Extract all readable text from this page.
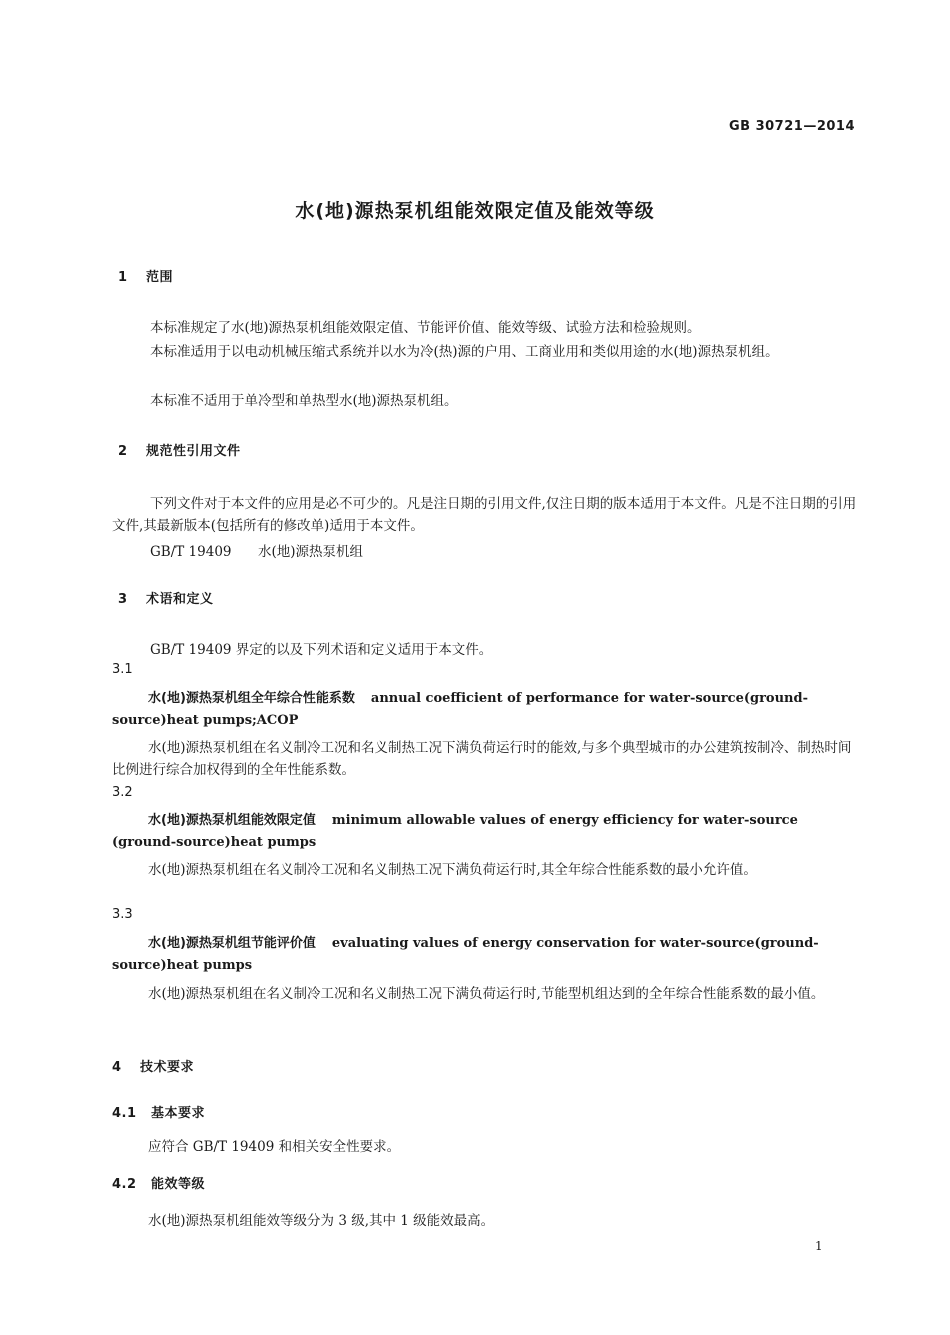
GB 30721—2014
水(地)源热泵机组能效限定值及能效等级
1 范围
本标准规定了水(地)源热泵机组能效限定值、节能评价值、能效等级、试验方法和检验规则。
本标准适用于以电动机械压缩式系统并以水为冷(热)源的户用、工商业用和类似用途的水(地)源热泵机组。
本标准不适用于单冷型和单热型水(地)源热泵机组。
2 规范性引用文件
下列文件对于本文件的应用是必不可少的。凡是注日期的引用文件,仅注日期的版本适用于本文件。凡是不注日期的引用文件,其最新版本(包括所有的修改单)适用于本文件。
GB/T 19409 水(地)源热泵机组
3 术语和定义
GB/T 19409 界定的以及下列术语和定义适用于本文件。
3.1
水(地)源热泵机组全年综合性能系数 annual coefficient of performance for water-source(ground-source)heat pumps;ACOP
水(地)源热泵机组在名义制冷工况和名义制热工况下满负荷运行时的能效,与多个典型城市的办公建筑按制冷、制热时间比例进行综合加权得到的全年性能系数。
3.2
水(地)源热泵机组能效限定值 minimum allowable values of energy efficiency for water-source (ground-source)heat pumps
水(地)源热泵机组在名义制冷工况和名义制热工况下满负荷运行时,其全年综合性能系数的最小允许值。
3.3
水(地)源热泵机组节能评价值 evaluating values of energy conservation for water-source(ground-source)heat pumps
水(地)源热泵机组在名义制冷工况和名义制热工况下满负荷运行时,节能型机组达到的全年综合性能系数的最小值。
4 技术要求
4.1 基本要求
应符合 GB/T 19409 和相关安全性要求。
4.2 能效等级
水(地)源热泵机组能效等级分为 3 级,其中 1 级能效最高。
1
